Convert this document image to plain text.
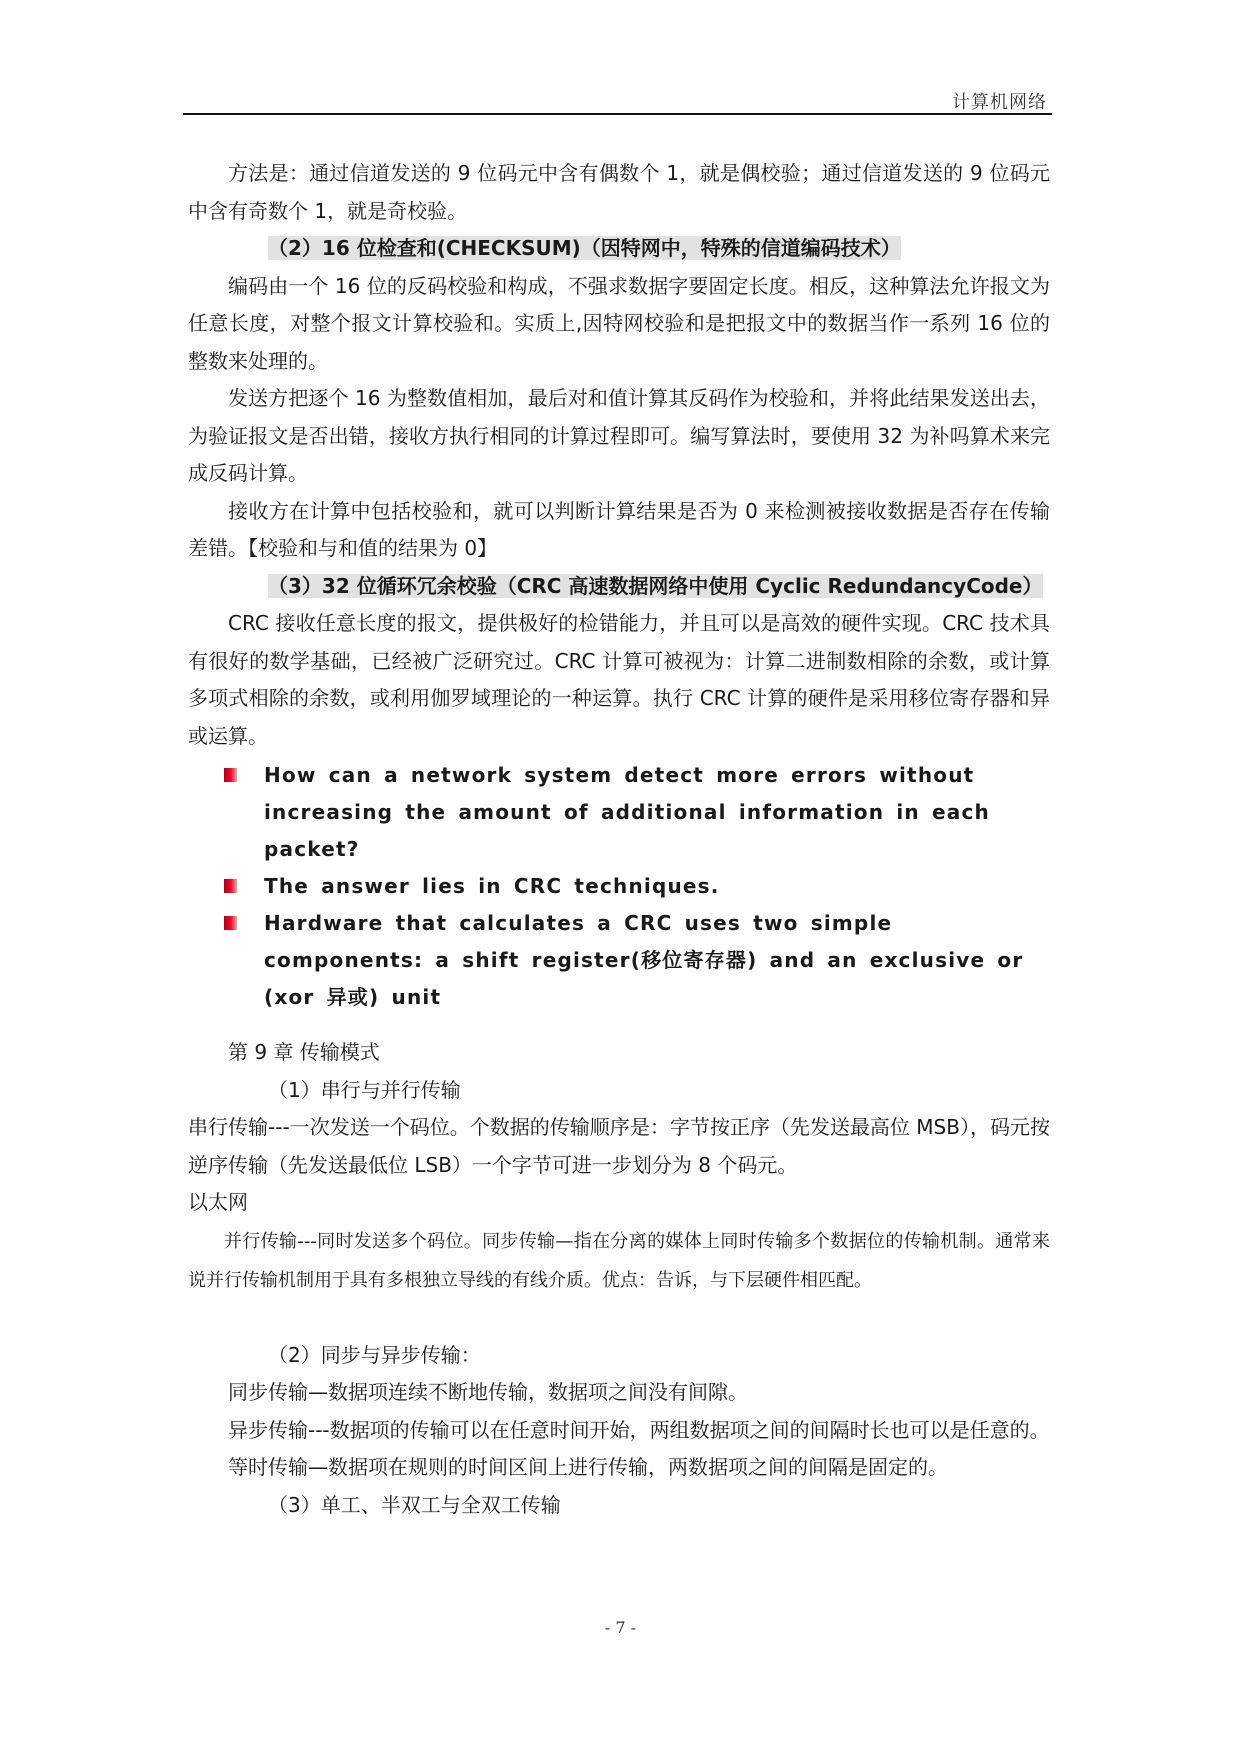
计算机网络

方法是：通过信道发送的 9 位码元中含有偶数个 1，就是偶校验；通过信道发送的 9 位码元中含有奇数个 1，就是奇校验。

（2）16 位检查和(CHECKSUM)（因特网中，特殊的信道编码技术）

编码由一个 16 位的反码校验和构成，不强求数据字要固定长度。相反，这种算法允许报文为任意长度，对整个报文计算校验和。实质上,因特网校验和是把报文中的数据当作一系列 16 位的整数来处理的。

发送方把逐个 16 为整数值相加，最后对和值计算其反码作为校验和，并将此结果发送出去，为验证报文是否出错，接收方执行相同的计算过程即可。编写算法时，要使用 32 为补吗算术来完成反码计算。

接收方在计算中包括校验和，就可以判断计算结果是否为 0 来检测被接收数据是否存在传输差错。【校验和与和值的结果为 0】

（3）32 位循环冗余校验（CRC 高速数据网络中使用 Cyclic RedundancyCode）

CRC 接收任意长度的报文，提供极好的检错能力，并且可以是高效的硬件实现。CRC 技术具有很好的数学基础，已经被广泛研究过。CRC 计算可被视为：计算二进制数相除的余数，或计算多项式相除的余数，或利用伽罗域理论的一种运算。执行 CRC 计算的硬件是采用移位寄存器和异或运算。

How can a network system detect more errors without increasing the amount of additional information in each packet?
The answer lies in CRC techniques.
Hardware that calculates a CRC uses two simple components: a shift register(移位寄存器) and an exclusive or (xor 异或) unit

第 9 章 传输模式

（1）串行与并行传输

串行传输---一次发送一个码位。个数据的传输顺序是：字节按正序（先发送最高位 MSB），码元按逆序传输（先发送最低位 LSB）一个字节可进一步划分为 8 个码元。

以太网

并行传输---同时发送多个码位。同步传输—指在分离的媒体上同时传输多个数据位的传输机制。通常来说并行传输机制用于具有多根独立导线的有线介质。优点：告诉，与下层硬件相匹配。

（2）同步与异步传输：

同步传输—数据项连续不断地传输，数据项之间没有间隙。

异步传输---数据项的传输可以在任意时间开始，两组数据项之间的间隔时长也可以是任意的。

等时传输—数据项在规则的时间区间上进行传输，两数据项之间的间隔是固定的。

（3）单工、半双工与全双工传输

- 7 -
